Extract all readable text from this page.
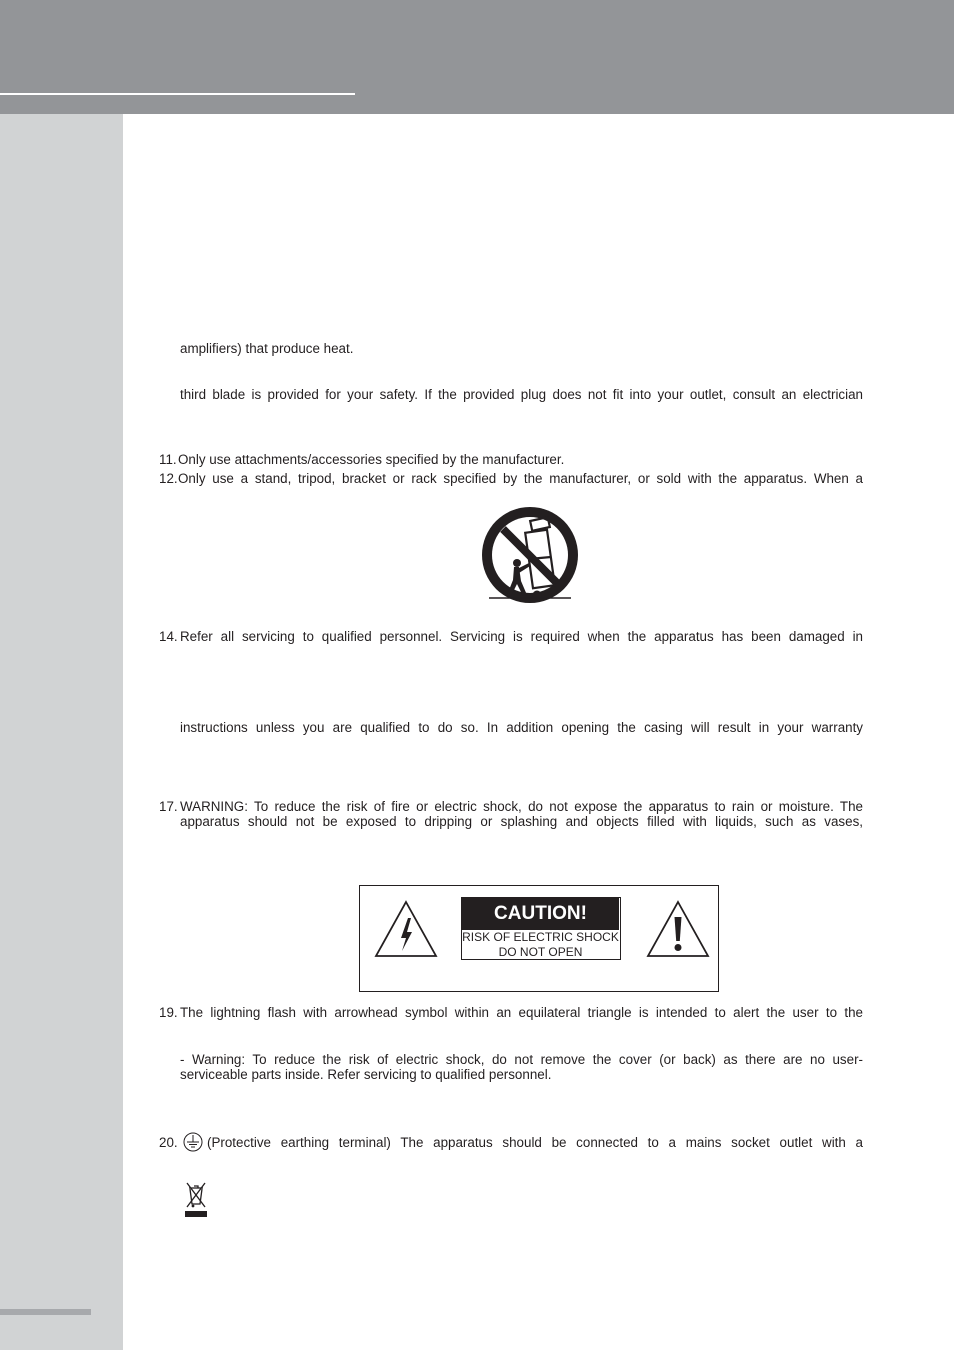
amplifiers) that produce heat.
third blade is provided for your safety. If the provided plug does not fit into your outlet, consult an electrician
11. Only use attachments/accessories specified by the manufacturer.
12. Only use a stand, tripod, bracket or rack specified by the manufacturer, or sold with the apparatus. When a
14. Refer all servicing to qualified personnel. Servicing is required when the apparatus has been damaged in
instructions unless you are qualified to do so. In addition opening the casing will result in your warranty
17. WARNING: To reduce the risk of fire or electric shock, do not expose the apparatus to rain or moisture. The
apparatus should not be exposed to dripping or splashing and objects filled with liquids, such as vases,
CAUTION!
RISK OF ELECTRIC SHOCK
DO NOT OPEN
19. The lightning flash with arrowhead symbol within an equilateral triangle is intended to alert the user to the
- Warning: To reduce the risk of electric shock, do not remove the cover (or back) as there are no user-
serviceable parts inside. Refer servicing to qualified personnel.
20. (Protective earthing terminal) The apparatus should be connected to a mains socket outlet with a
